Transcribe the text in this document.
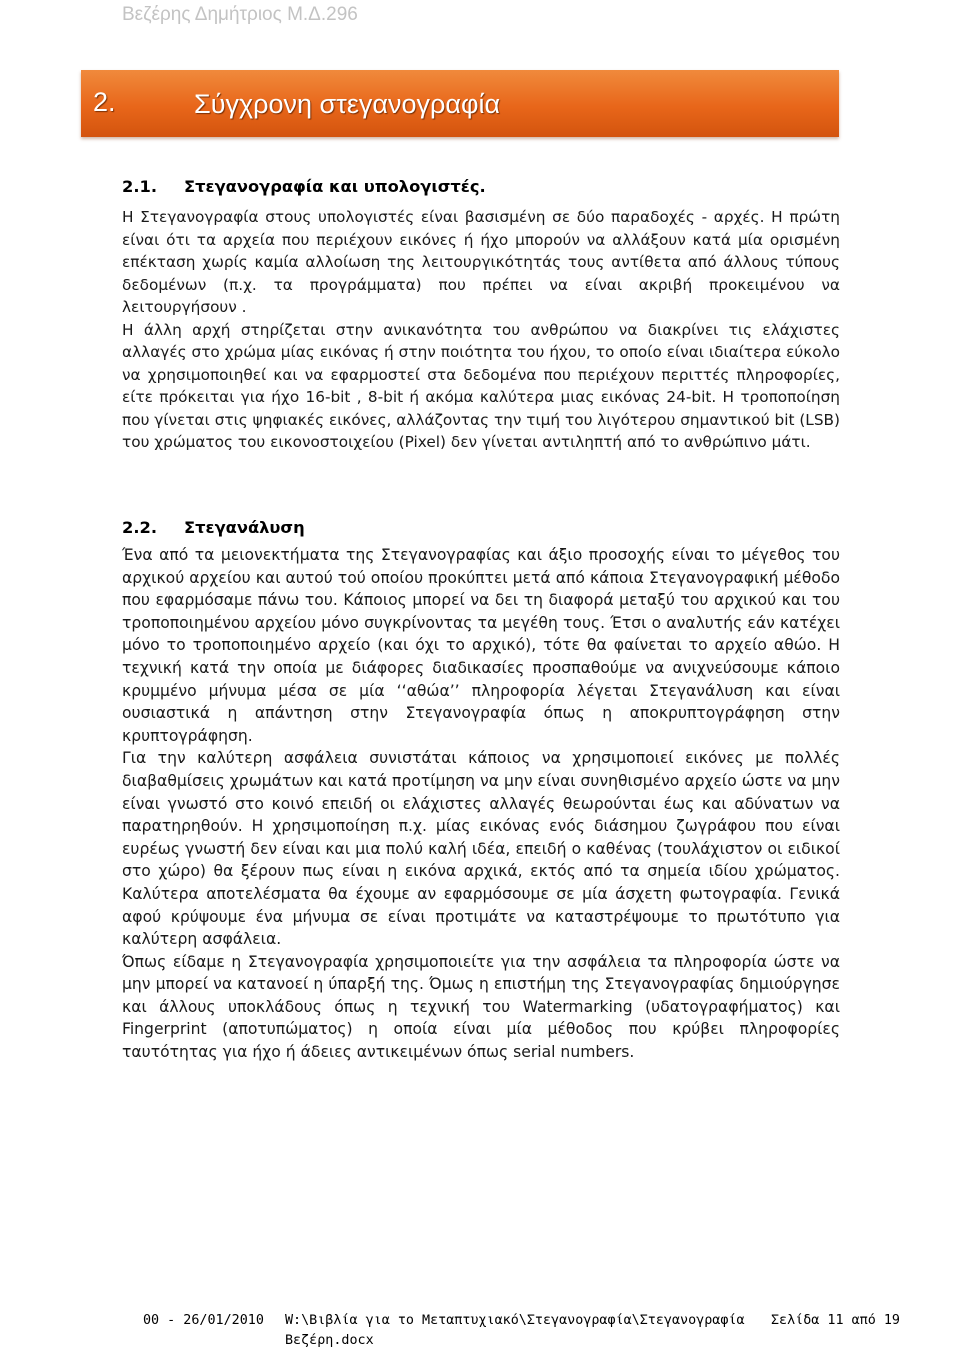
Βεζέρης Δημήτριος Μ.Δ.296
2.	Σύγχρονη στεγανογραφία
2.1. Στεγανογραφία και υπολογιστές.

Η Στεγανογραφία στους υπολογιστές είναι βασισμένη σε δύο παραδοχές - αρχές. Η πρώτη είναι ότι τα αρχεία που περιέχουν εικόνες ή ήχο μπορούν να αλλάξουν κατά μία ορισμένη επέκταση χωρίς καμία αλλοίωση της λειτουργικότητάς τους αντίθετα από άλλους τύπους δεδομένων (π.χ. τα προγράμματα) που πρέπει να είναι ακριβή προκειμένου να λειτουργήσουν .

Η άλλη αρχή στηρίζεται στην ανικανότητα του ανθρώπου να διακρίνει τις ελάχιστες αλλαγές στο χρώμα μίας εικόνας ή στην ποιότητα του ήχου, το οποίο είναι ιδιαίτερα εύκολο να χρησιμοποιηθεί και να εφαρμοστεί στα δεδομένα που περιέχουν περιττές πληροφορίες, είτε πρόκειται για ήχο 16-bit , 8-bit ή ακόμα καλύτερα μιας εικόνας 24-bit. Η τροποποίηση που γίνεται στις ψηφιακές εικόνες, αλλάζοντας την τιμή του λιγότερου σημαντικού bit (LSB) του χρώματος του εικονοστοιχείου (Pixel) δεν γίνεται αντιληπτή από το ανθρώπινο μάτι.

2.2. Στεγανάλυση

Ένα από τα μειονεκτήματα της Στεγανογραφίας και άξιο προσοχής είναι το μέγεθος του αρχικού αρχείου και αυτού τού οποίου προκύπτει μετά από κάποια Στεγανογραφική μέθοδο που εφαρμόσαμε πάνω του. Κάποιος μπορεί να δει τη διαφορά μεταξύ του αρχικού και του τροποποιημένου αρχείου μόνο συγκρίνοντας τα μεγέθη τους. Έτσι ο αναλυτής εάν κατέχει μόνο το τροποποιημένο αρχείο (και όχι το αρχικό), τότε θα φαίνεται το αρχείο αθώο. Η τεχνική κατά την οποία με διάφορες διαδικασίες προσπαθούμε να ανιχνεύσουμε κάποιο κρυμμένο μήνυμα μέσα σε μία ‘‘αθώα’’ πληροφορία λέγεται Στεγανάλυση και είναι ουσιαστικά η απάντηση στην Στεγανογραφία όπως η αποκρυπτογράφηση στην κρυπτογράφηση.

Για την καλύτερη ασφάλεια συνιστάται κάποιος να χρησιμοποιεί εικόνες με πολλές διαβαθμίσεις χρωμάτων και κατά προτίμηση να μην είναι συνηθισμένο αρχείο ώστε να μην είναι γνωστό στο κοινό επειδή οι ελάχιστες αλλαγές θεωρούνται έως και αδύνατων να παρατηρηθούν. Η χρησιμοποίηση π.χ. μίας εικόνας ενός διάσημου ζωγράφου που είναι ευρέως γνωστή δεν είναι και μια πολύ καλή ιδέα, επειδή ο καθένας (τουλάχιστον οι ειδικοί στο χώρο) θα ξέρουν πως είναι η εικόνα αρχικά, εκτός από τα σημεία ιδίου χρώματος. Καλύτερα αποτελέσματα θα έχουμε αν εφαρμόσουμε σε μία άσχετη φωτογραφία. Γενικά αφού κρύψουμε ένα μήνυμα σε είναι προτιμάτε να καταστρέψουμε το πρωτότυπο για καλύτερη ασφάλεια.

Όπως είδαμε η Στεγανογραφία χρησιμοποιείτε για την ασφάλεια τα πληροφορία ώστε να μην μπορεί να κατανοεί η ύπαρξή της. Όμως η επιστήμη της Στεγανογραφίας δημιούργησε και άλλους υποκλάδους όπως η τεχνική του Watermarking (υδατογραφήματος) και Fingerprint (αποτυπώματος) η οποία είναι μία μέθοδος που κρύβει πληροφορίες ταυτότητας για ήχο ή άδειες αντικειμένων όπως serial numbers.

00 - 26/01/2010 W:\Βιβλία για το Μεταπτυχιακό\Στεγανογραφία\Στεγανογραφία
Βεζέρη.docx
Σελίδα 11 από 19
